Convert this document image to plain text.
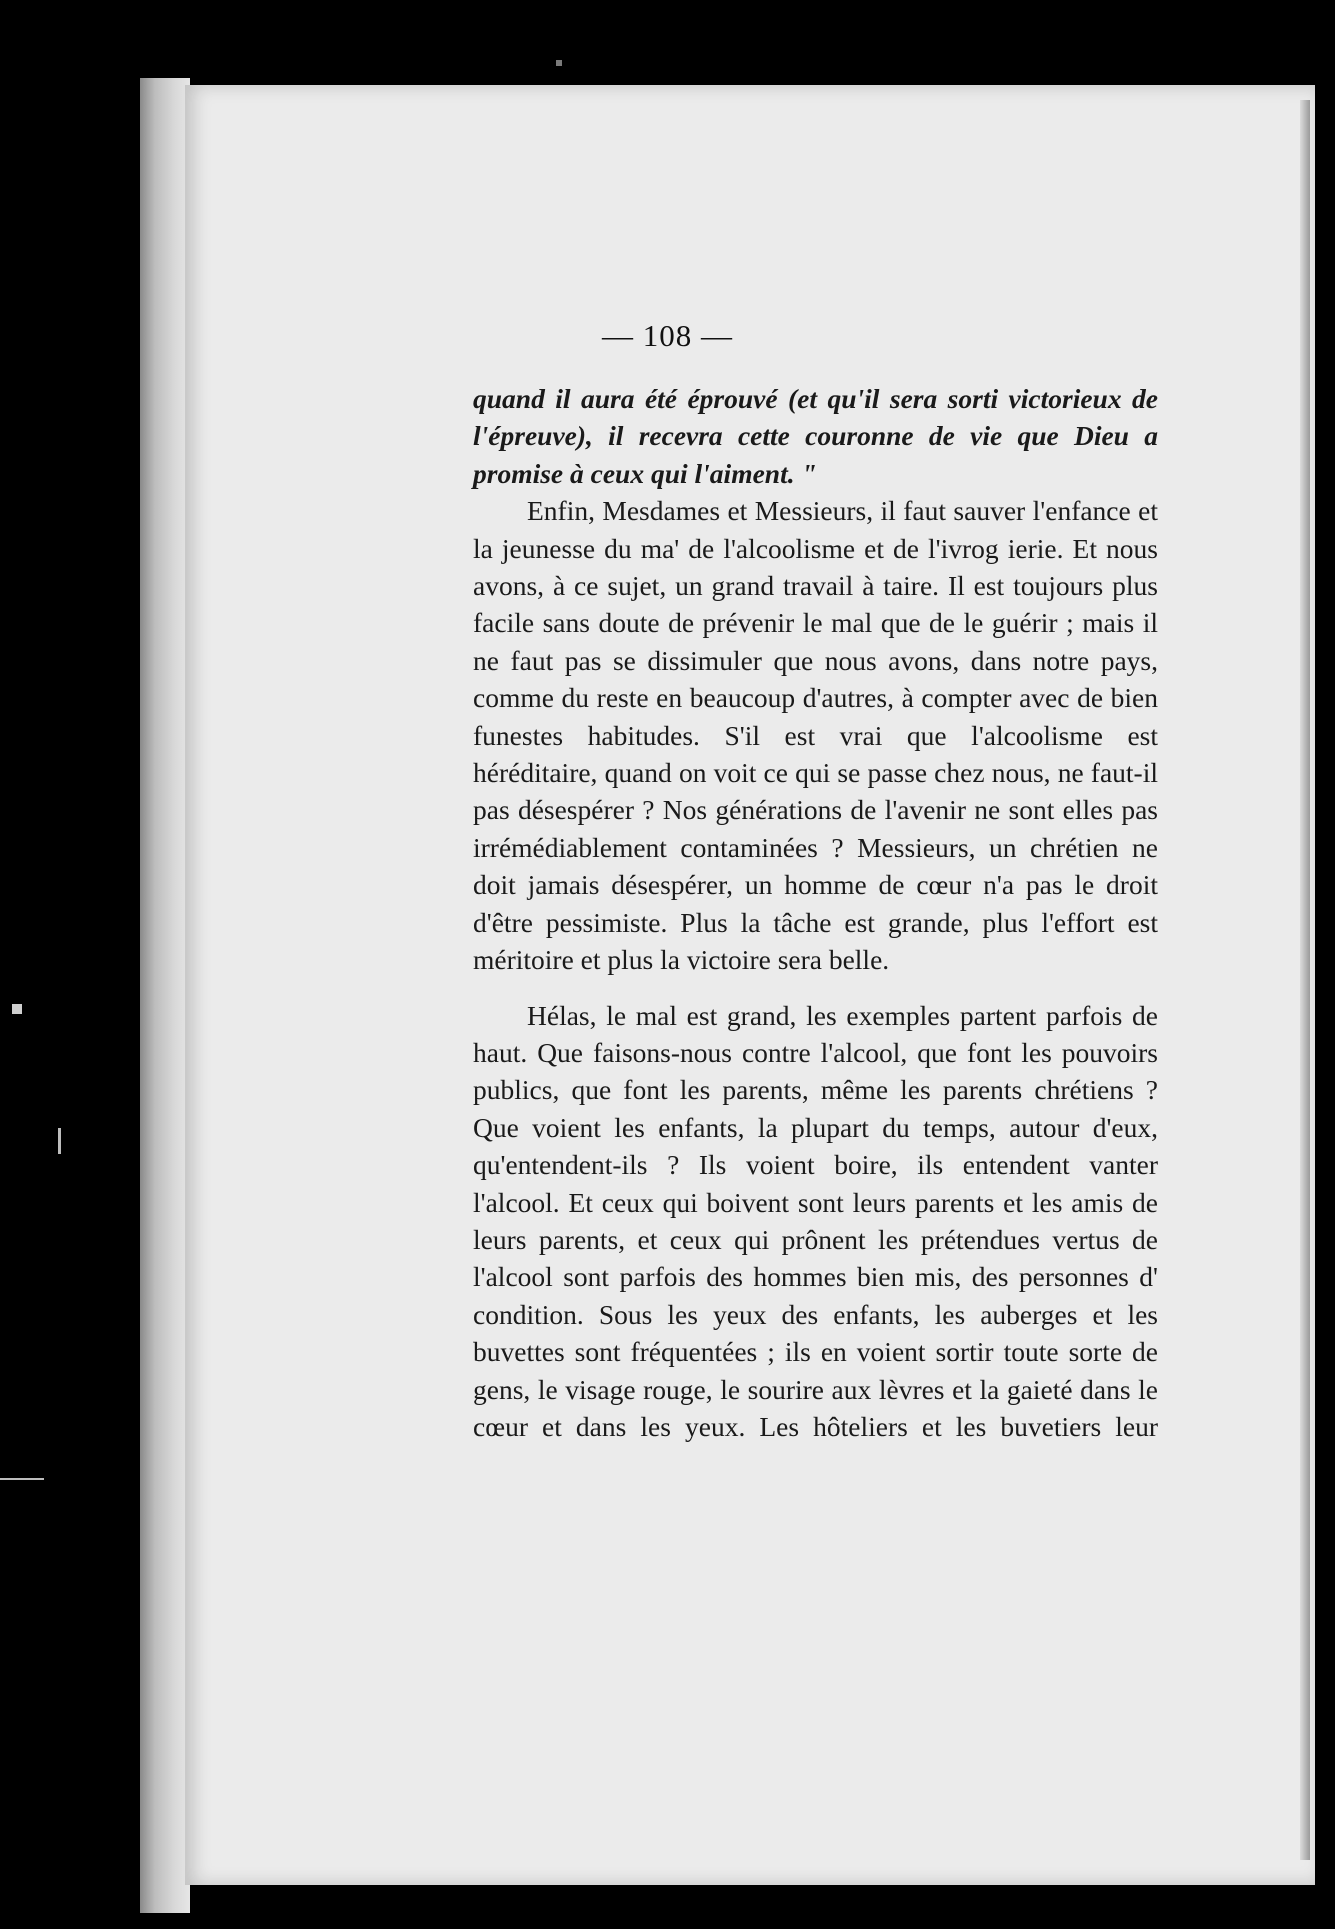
— 108 —

quand il aura été éprouvé (et qu'il sera sorti victorieux de l'épreuve), il recevra cette couronne de vie que Dieu a promise à ceux qui l'aiment. "

Enfin, Mesdames et Messieurs, il faut sauver l'enfance et la jeunesse du ma' de l'alcoolisme et de l'ivrog ierie. Et nous avons, à ce sujet, un grand travail à taire. Il est toujours plus facile sans doute de prévenir le mal que de le guérir ; mais il ne faut pas se dissimuler que nous avons, dans notre pays, comme du reste en beaucoup d'autres, à compter avec de bien funestes habitudes. S'il est vrai que l'alcoolisme est héréditaire, quand on voit ce qui se passe chez nous, ne faut-il pas désespérer ? Nos générations de l'avenir ne sont elles pas irrémédiablement contaminées ? Messieurs, un chrétien ne doit jamais désespérer, un homme de cœur n'a pas le droit d'être pessimiste. Plus la tâche est grande, plus l'effort est méritoire et plus la victoire sera belle.

Hélas, le mal est grand, les exemples partent parfois de haut. Que faisons-nous contre l'alcool, que font les pouvoirs publics, que font les parents, même les parents chrétiens ? Que voient les enfants, la plupart du temps, autour d'eux, qu'entendent-ils ? Ils voient boire, ils entendent vanter l'alcool. Et ceux qui boivent sont leurs parents et les amis de leurs parents, et ceux qui prônent les prétendues vertus de l'alcool sont parfois des hommes bien mis, des personnes d' condition. Sous les yeux des enfants, les auberges et les buvettes sont fréquentées ; ils en voient sortir toute sorte de gens, le visage rouge, le sourire aux lèvres et la gaieté dans le cœur et dans les yeux. Les hôteliers et les buvetiers leur
